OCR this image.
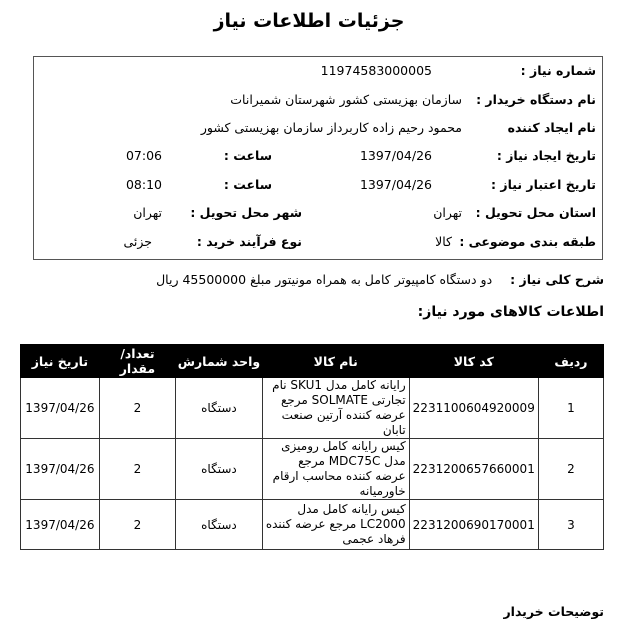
جزئیات اطلاعات نیاز
شماره نیاز :
1197458300000‌5
نام دستگاه خریدار :
سازمان بهزیستی کشور شهرستان شمیرانات
نام ایجاد کننده
محمود رحیم زاده کاربرداز سازمان بهزیستی کشور
تاریخ ایجاد نیاز :
1397/04/26
ساعت :
07:06
تاریخ اعتبار نیاز :
1397/04/26
ساعت :
08:10
استان محل تحویل :
تهران
شهر محل تحویل :
تهران
طبقه بندی موضوعی :
کالا
نوع فرآیند خرید :
جزئی
شرح کلی نیاز : دو دستگاه کامپیوتر کامل به همراه مونیتور مبلغ 45500000 ریال
اطلاعات کالاهای مورد نیاز:
ردیف	کد کالا	نام کالا	واحد شمارش	تعداد/ مقدار	تاریخ نیاز
1	2231100604920009	رایانه کامل مدل SKU1 نام تجارتی SOLMATE مرجع عرضه کننده آرتین صنعت تابان	دستگاه	2	1397/04/26
2	2231200657660001	کیس رایانه کامل رومیزی مدل MDC75C مرجع عرضه کننده محاسب ارقام خاورمیانه	دستگاه	2	1397/04/26
3	2231200690170001	کیس رایانه کامل مدل LC2000 مرجع عرضه کننده فرهاد عجمی	دستگاه	2	1397/04/26
توضیحات خریدار
